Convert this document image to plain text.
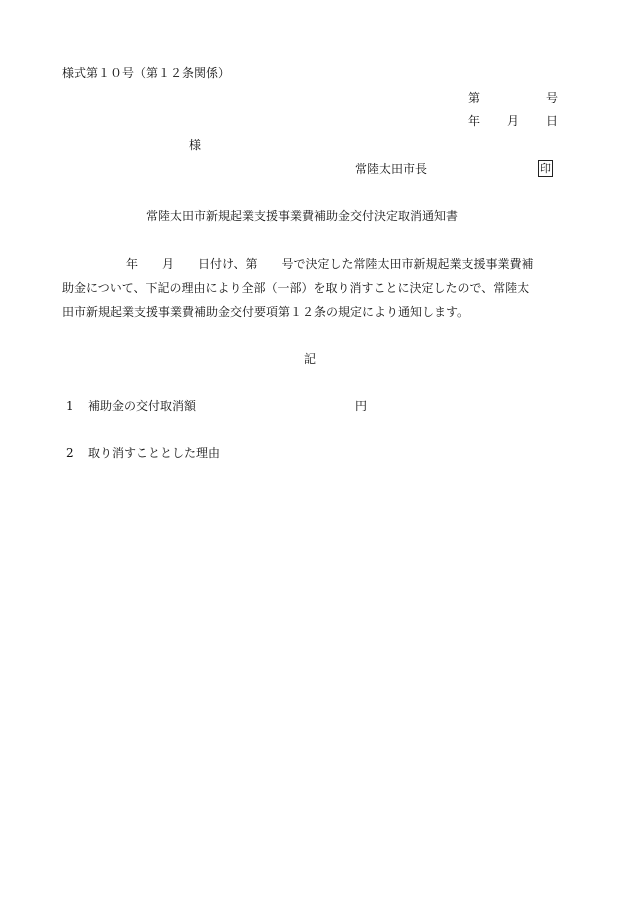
様式第１０号（第１２条関係）
第	号
年 月 日
様
常陸太田市長	印
常陸太田市新規起業支援事業費補助金交付決定取消通知書
年　　月　　日付け、第　　号で決定した常陸太田市新規起業支援事業費補
助金について、下記の理由により全部（一部）を取り消すことに決定したので、常陸太
田市新規起業支援事業費補助金交付要項第１２条の規定により通知します。
記
1 補助金の交付取消額	円
2 取り消すこととした理由
